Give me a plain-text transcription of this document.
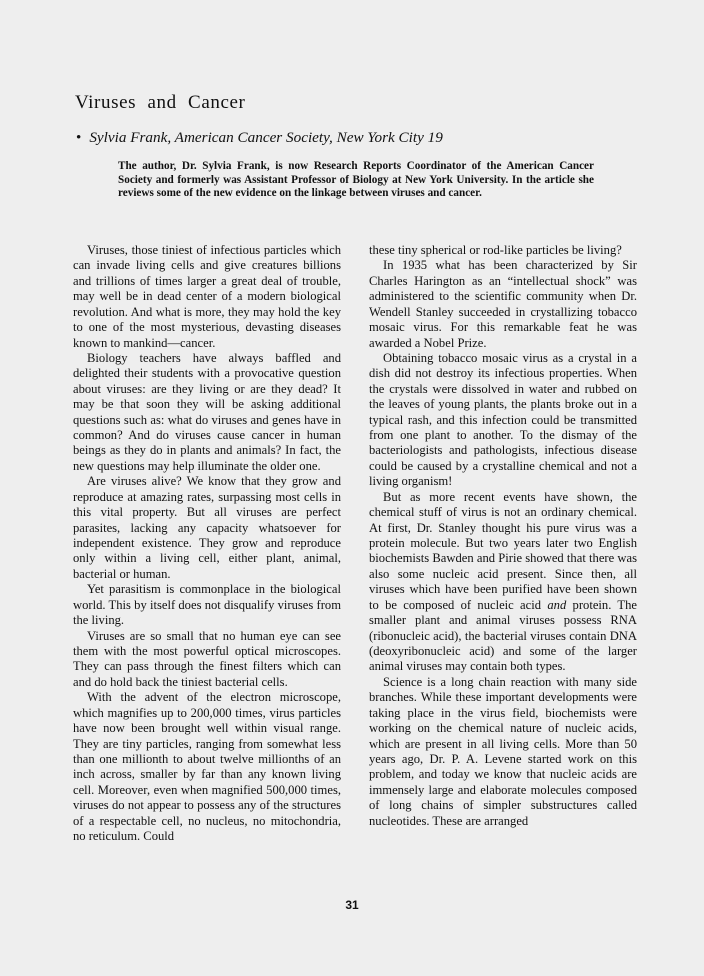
Viruses and Cancer

• Sylvia Frank, American Cancer Society, New York City 19

The author, Dr. Sylvia Frank, is now Research Reports Coordinator of the American Cancer Society and formerly was Assistant Professor of Biology at New York University. In the article she reviews some of the new evidence on the linkage between viruses and cancer.

Viruses, those tiniest of infectious particles which can invade living cells and give creatures billions and trillions of times larger a great deal of trouble, may well be in dead center of a modern biological revolution. And what is more, they may hold the key to one of the most mysterious, devasting diseases known to mankind—cancer.

Biology teachers have always baffled and delighted their students with a provocative question about viruses: are they living or are they dead? It may be that soon they will be asking additional questions such as: what do viruses and genes have in common? And do viruses cause cancer in human beings as they do in plants and animals? In fact, the new questions may help illuminate the older one.

Are viruses alive? We know that they grow and reproduce at amazing rates, surpassing most cells in this vital property. But all viruses are perfect parasites, lacking any capacity whatsoever for independent existence. They grow and reproduce only within a living cell, either plant, animal, bacterial or human.

Yet parasitism is commonplace in the biological world. This by itself does not disqualify viruses from the living.

Viruses are so small that no human eye can see them with the most powerful optical microscopes. They can pass through the finest filters which can and do hold back the tiniest bacterial cells.

With the advent of the electron microscope, which magnifies up to 200,000 times, virus particles have now been brought well within visual range. They are tiny particles, ranging from somewhat less than one millionth to about twelve millionths of an inch across, smaller by far than any known living cell. Moreover, even when magnified 500,000 times, viruses do not appear to possess any of the structures of a respectable cell, no nucleus, no mitochondria, no reticulum. Could

these tiny spherical or rod-like particles be living?

In 1935 what has been characterized by Sir Charles Harington as an “intellectual shock” was administered to the scientific community when Dr. Wendell Stanley succeeded in crystallizing tobacco mosaic virus. For this remarkable feat he was awarded a Nobel Prize.

Obtaining tobacco mosaic virus as a crystal in a dish did not destroy its infectious properties. When the crystals were dissolved in water and rubbed on the leaves of young plants, the plants broke out in a typical rash, and this infection could be transmitted from one plant to another. To the dismay of the bacteriologists and pathologists, infectious disease could be caused by a crystalline chemical and not a living organism!

But as more recent events have shown, the chemical stuff of virus is not an ordinary chemical. At first, Dr. Stanley thought his pure virus was a protein molecule. But two years later two English biochemists Bawden and Pirie showed that there was also some nucleic acid present. Since then, all viruses which have been purified have been shown to be composed of nucleic acid and protein. The smaller plant and animal viruses possess RNA (ribonucleic acid), the bacterial viruses contain DNA (deoxyribonucleic acid) and some of the larger animal viruses may contain both types.

Science is a long chain reaction with many side branches. While these important developments were taking place in the virus field, biochemists were working on the chemical nature of nucleic acids, which are present in all living cells. More than 50 years ago, Dr. P. A. Levene started work on this problem, and today we know that nucleic acids are immensely large and elaborate molecules composed of long chains of simpler substructures called nucleotides. These are arranged

31
